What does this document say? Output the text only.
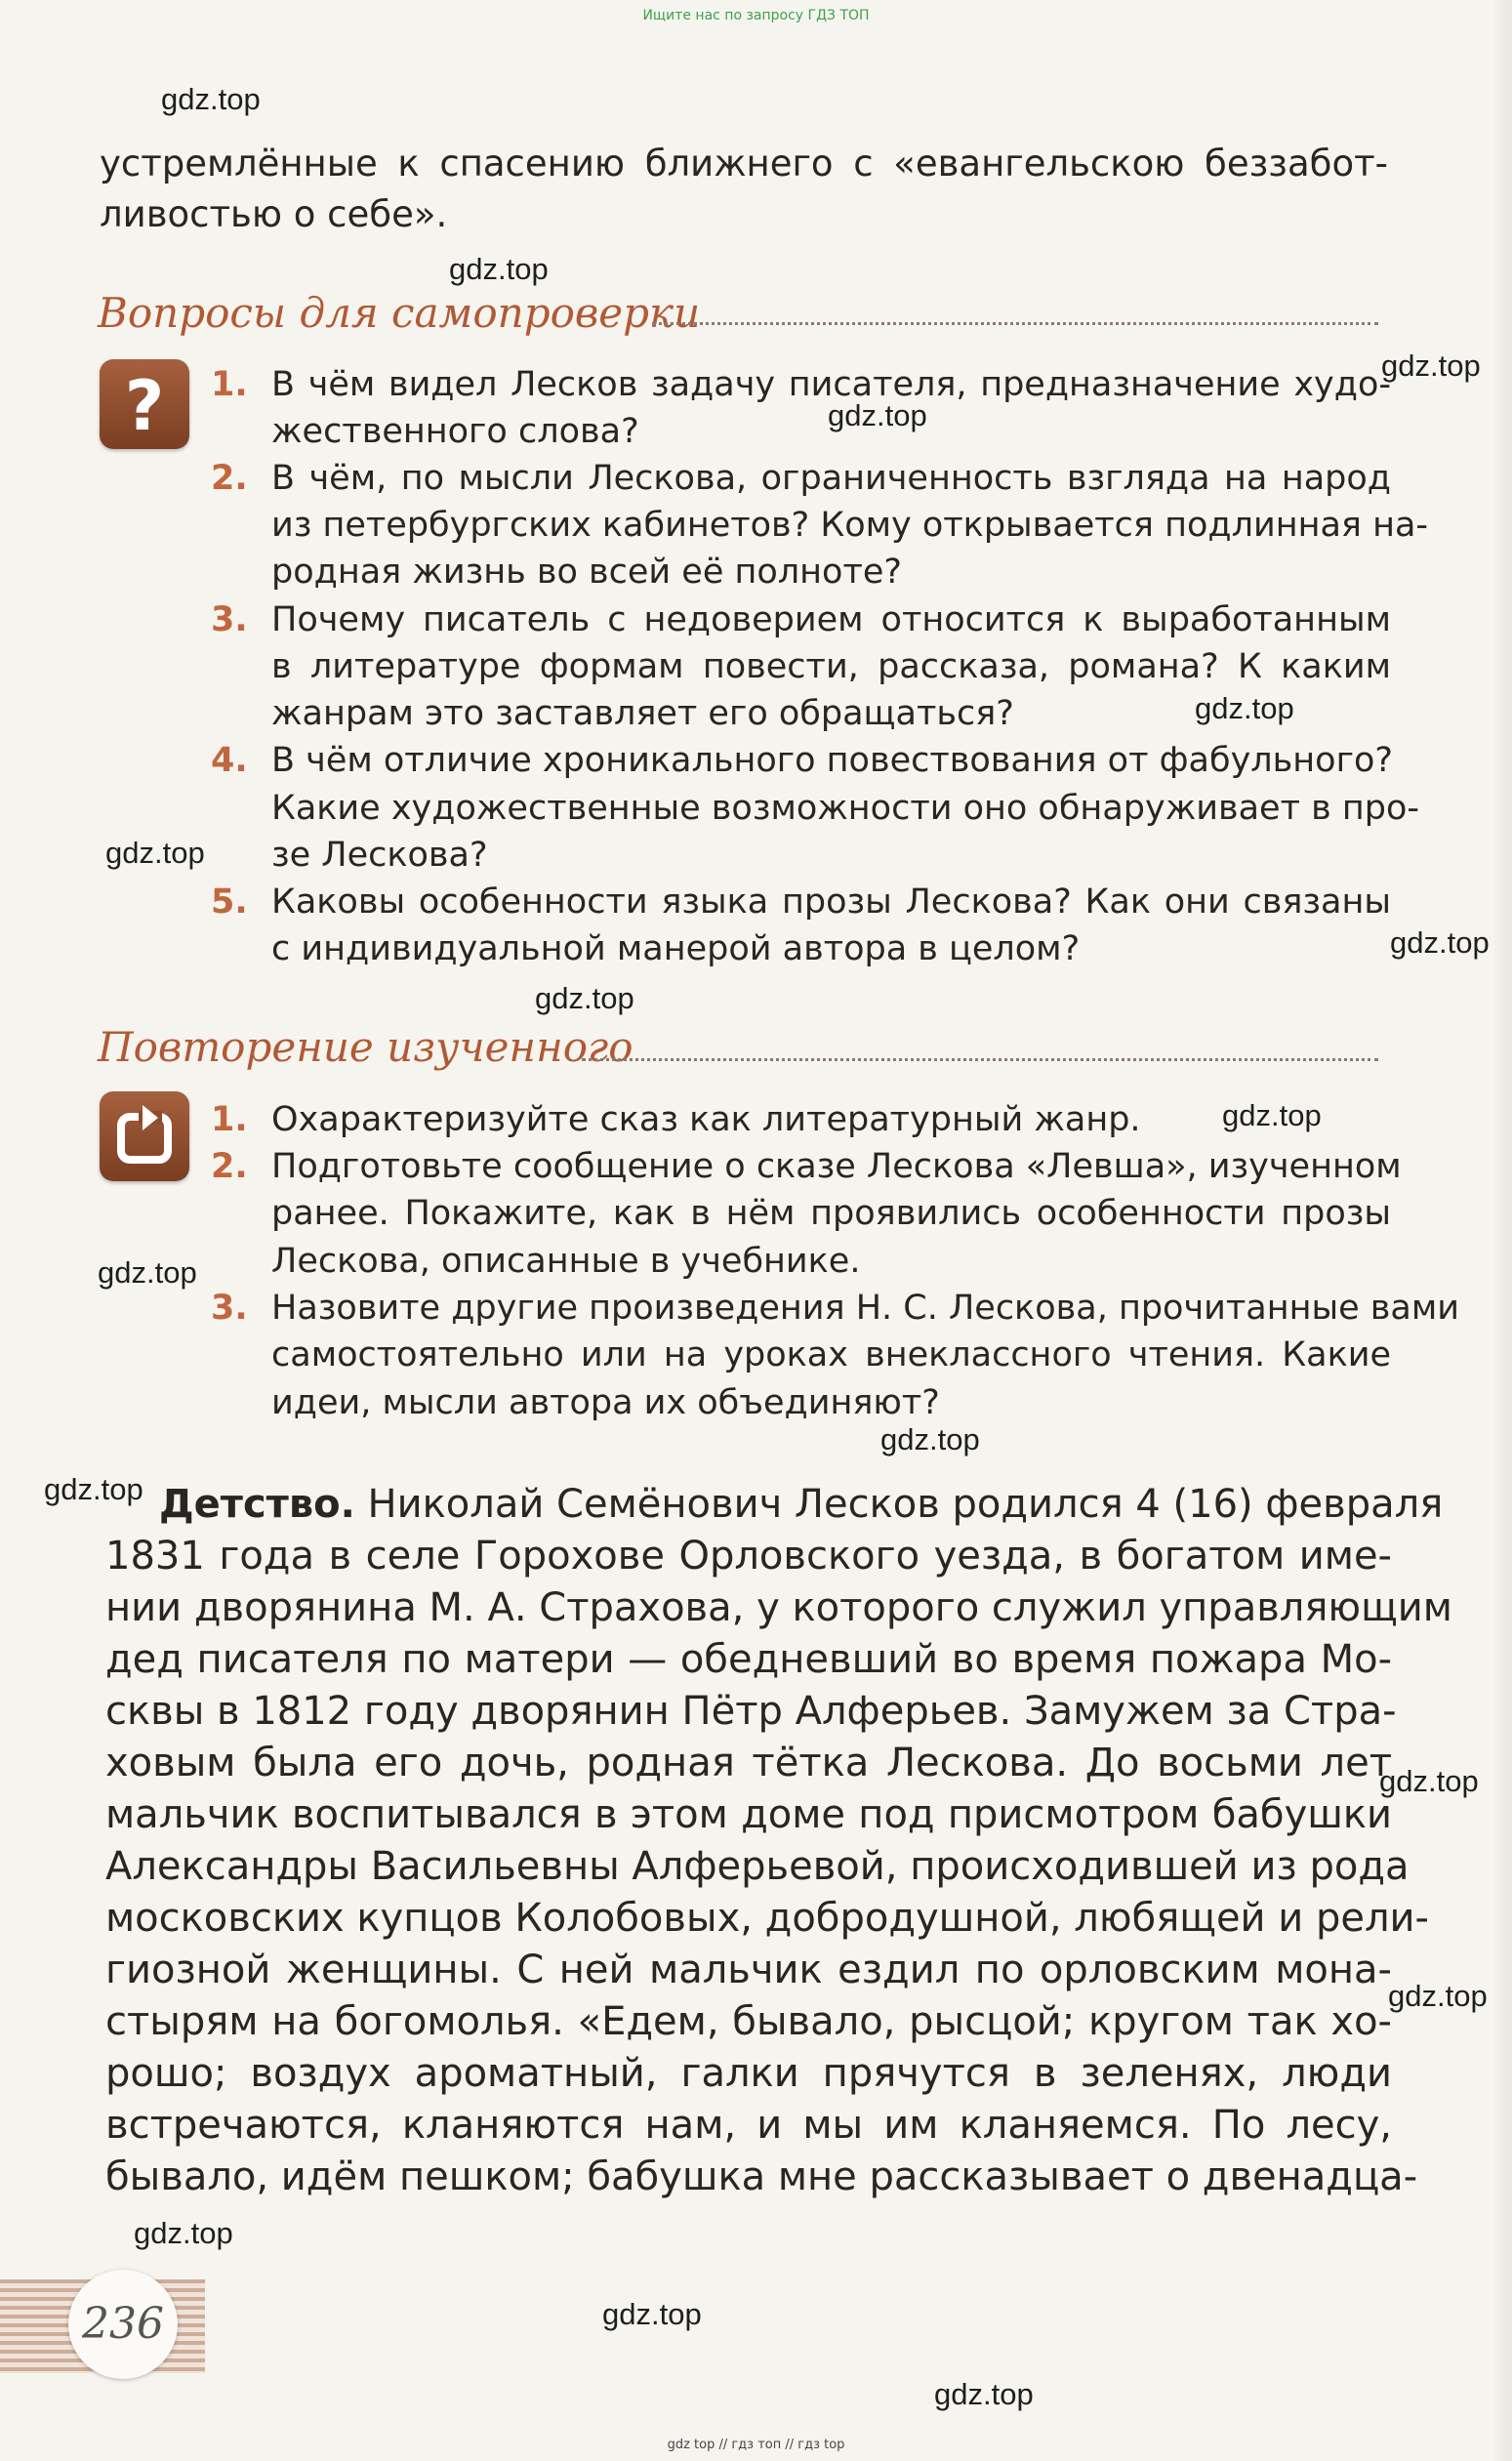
Ищите нас по запросу ГДЗ ТОП
устремлённые к спасению ближнего с «евангельскою беззабот-
ливостью о себе».
Вопросы для самопроверки
? 1. В чём видел Лесков задачу писателя, предназначение худо-
жественного слова?
2. В чём, по мысли Лескова, ограниченность взгляда на народ
из петербургских кабинетов? Кому открывается подлинная на-
родная жизнь во всей её полноте?
3. Почему писатель с недоверием относится к выработанным
в литературе формам повести, рассказа, романа? К каким
жанрам это заставляет его обращаться?
4. В чём отличие хроникального повествования от фабульного?
Какие художественные возможности оно обнаруживает в про-
зе Лескова?
5. Каковы особенности языка прозы Лескова? Как они связаны
с индивидуальной манерой автора в целом?
Повторение изученного
1. Охарактеризуйте сказ как литературный жанр.
2. Подготовьте сообщение о сказе Лескова «Левша», изученном
ранее. Покажите, как в нём проявились особенности прозы
Лескова, описанные в учебнике.
3. Назовите другие произведения Н. С. Лескова, прочитанные вами
самостоятельно или на уроках внеклассного чтения. Какие
идеи, мысли автора их объединяют?
Детство. Николай Семёнович Лесков родился 4 (16) февраля
1831 года в селе Горохове Орловского уезда, в богатом име-
нии дворянина М. А. Страхова, у которого служил управляющим
дед писателя по матери — обедневший во время пожара Мо-
сквы в 1812 году дворянин Пётр Алферьев. Замужем за Стра-
ховым была его дочь, родная тётка Лескова. До восьми лет
мальчик воспитывался в этом доме под присмотром бабушки
Александры Васильевны Алферьевой, происходившей из рода
московских купцов Колобовых, добродушной, любящей и рели-
гиозной женщины. С ней мальчик ездил по орловским мона-
стырям на богомолья. «Едем, бывало, рысцой; кругом так хо-
рошо; воздух ароматный, галки прячутся в зеленях, люди
встречаются, кланяются нам, и мы им кланяемся. По лесу,
бывало, идём пешком; бабушка мне рассказывает о двенадца-
236
gdz.top
gdz.top
gdz.top
gdz.top
gdz.top
gdz.top
gdz.top
gdz.top
gdz.top
gdz.top
gdz.top
gdz.top
gdz.top
gdz.top
gdz.top
gdz.top
gdz.top
gdz top // гдз топ // гдз top
